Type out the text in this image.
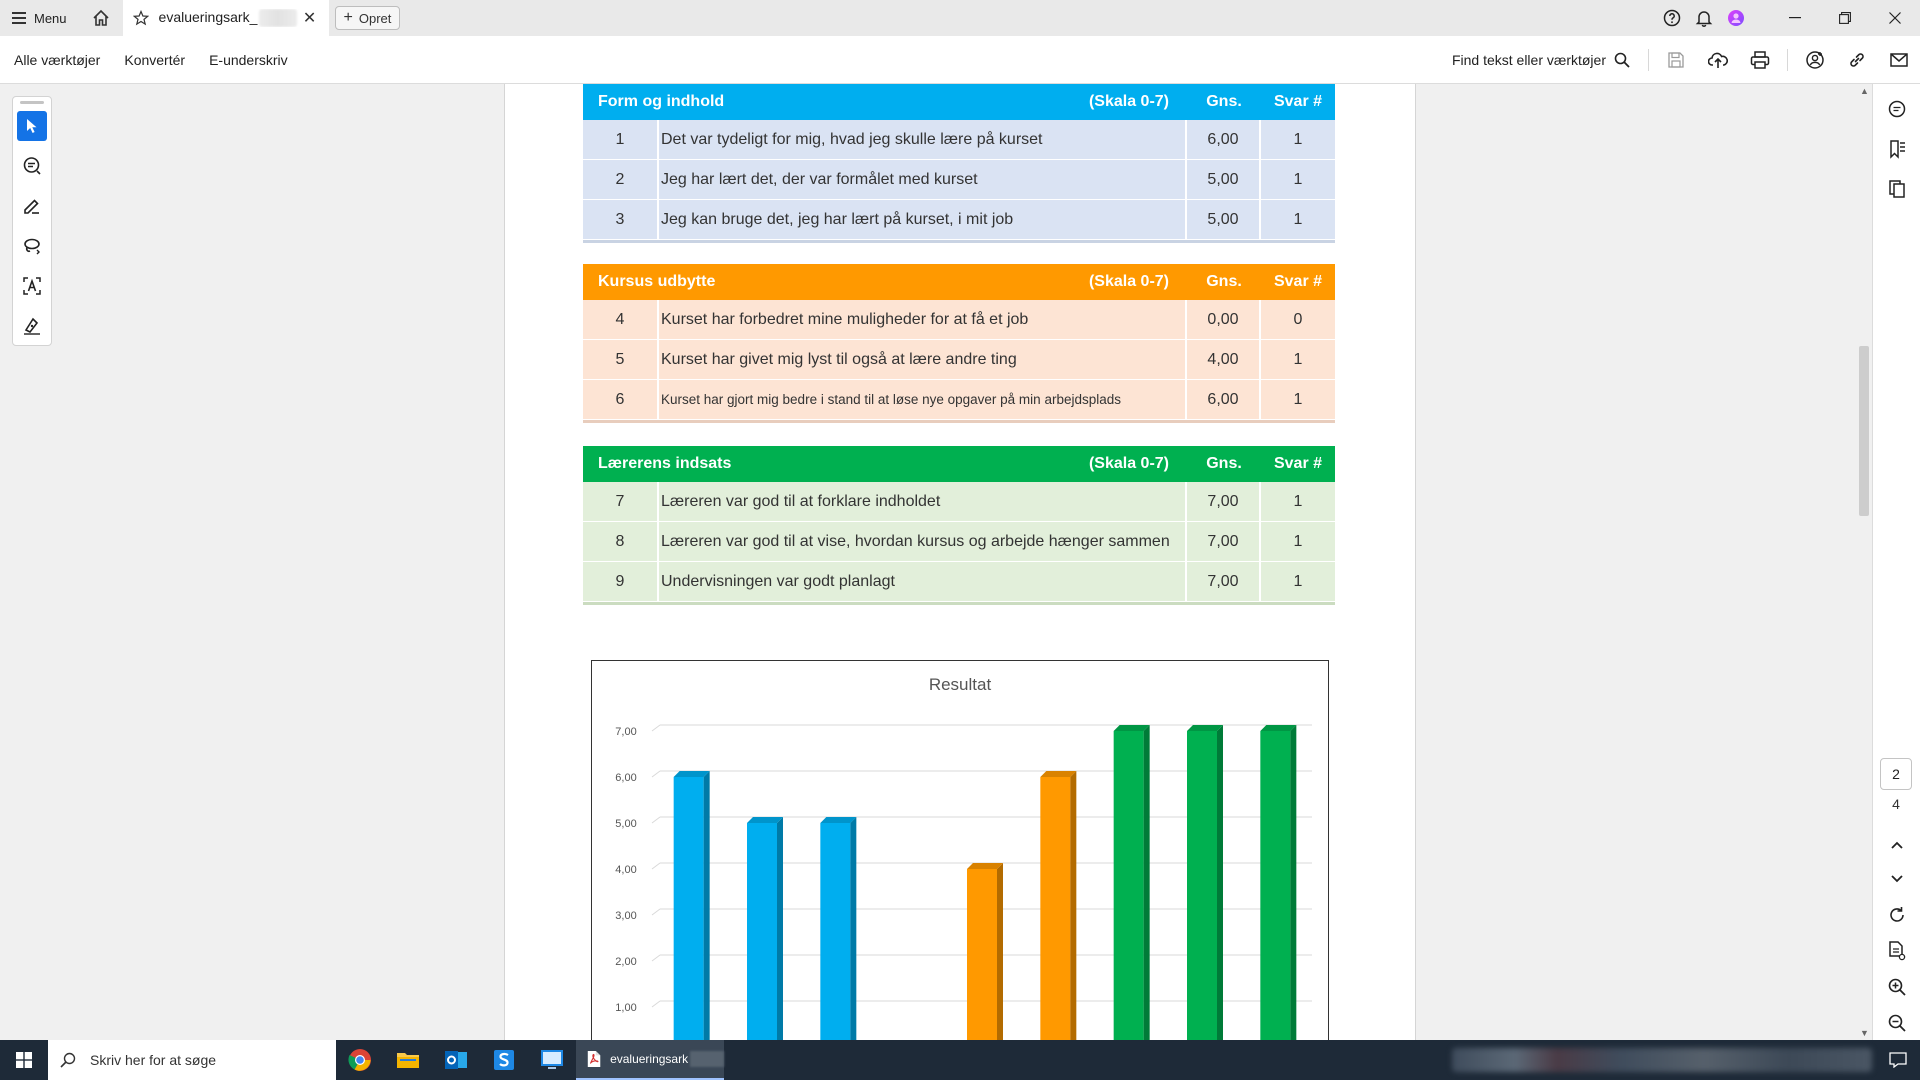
Menu	evalueringsark_	✕ + Opret
Alle værktøjer	Konvertér	E-underskriv	Find tekst eller værktøjer
Form og indhold	(Skala 0-7)	Gns.	Svar #
1	Det var tydeligt for mig, hvad jeg skulle lære på kurset	6,00	1
2	Jeg har lært det, der var formålet med kurset	5,00	1
3	Jeg kan bruge det, jeg har lært på kurset, i mit job	5,00	1
Kursus udbytte	(Skala 0-7)	Gns.	Svar #
4	Kurset har forbedret mine muligheder for at få et job	0,00	0
5	Kurset har givet mig lyst til også at lære andre ting	4,00	1
6	Kurset har gjort mig bedre i stand til at løse nye opgaver på min arbejdsplads	6,00	1
Lærerens indsats	(Skala 0-7)	Gns.	Svar #
7	Læreren var god til at forklare indholdet	7,00	1
8	Læreren var god til at vise, hvordan kursus og arbejde hænger sammen	7,00	1
9	Undervisningen var godt planlagt	7,00	1
Resultat
1,00
2,00
3,00
4,00
5,00
6,00
7,00
▲
▼
2
4
Skriv her for at søge	evalueringsark
